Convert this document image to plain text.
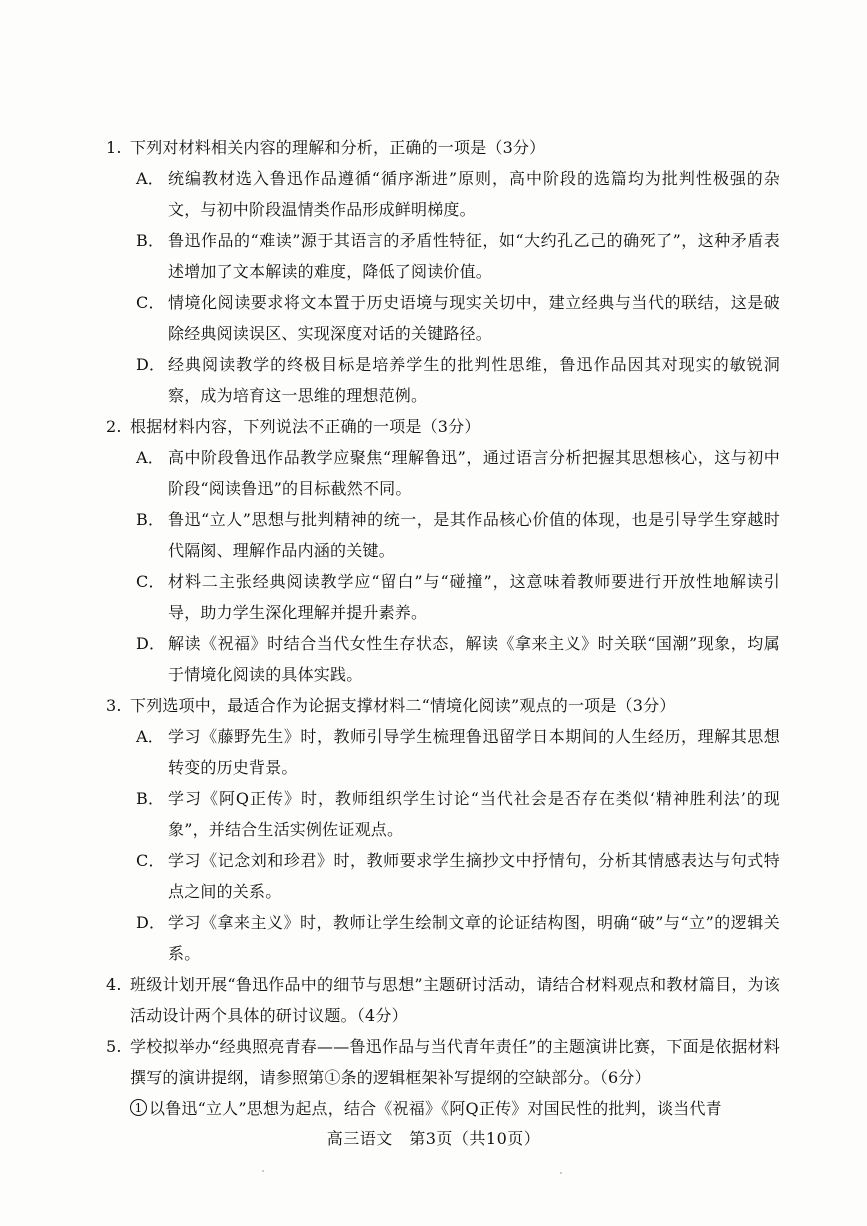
1. 下列对材料相关内容的理解和分析，正确的一项是（3分）
A． 统编教材选入鲁迅作品遵循“循序渐进”原则，高中阶段的选篇均为批判性极强的杂文，与初中阶段温情类作品形成鲜明梯度。
B． 鲁迅作品的“难读”源于其语言的矛盾性特征，如“大约孔乙己的确死了”，这种矛盾表述增加了文本解读的难度，降低了阅读价值。
C． 情境化阅读要求将文本置于历史语境与现实关切中，建立经典与当代的联结，这是破除经典阅读误区、实现深度对话的关键路径。
D． 经典阅读教学的终极目标是培养学生的批判性思维，鲁迅作品因其对现实的敏锐洞察，成为培育这一思维的理想范例。
2. 根据材料内容，下列说法不正确的一项是（3分）
A． 高中阶段鲁迅作品教学应聚焦“理解鲁迅”，通过语言分析把握其思想核心，这与初中阶段“阅读鲁迅”的目标截然不同。
B． 鲁迅“立人”思想与批判精神的统一，是其作品核心价值的体现，也是引导学生穿越时代隔阂、理解作品内涵的关键。
C． 材料二主张经典阅读教学应“留白”与“碰撞”，这意味着教师要进行开放性地解读引导，助力学生深化理解并提升素养。
D． 解读《祝福》时结合当代女性生存状态，解读《拿来主义》时关联“国潮”现象，均属于情境化阅读的具体实践。
3. 下列选项中，最适合作为论据支撑材料二“情境化阅读”观点的一项是（3分）
A． 学习《藤野先生》时，教师引导学生梳理鲁迅留学日本期间的人生经历，理解其思想转变的历史背景。
B． 学习《阿Q正传》时，教师组织学生讨论“当代社会是否存在类似‘精神胜利法’的现象”，并结合生活实例佐证观点。
C． 学习《记念刘和珍君》时，教师要求学生摘抄文中抒情句，分析其情感表达与句式特点之间的关系。
D． 学习《拿来主义》时，教师让学生绘制文章的论证结构图，明确“破”与“立”的逻辑关系。
4. 班级计划开展“鲁迅作品中的细节与思想”主题研讨活动，请结合材料观点和教材篇目，为该活动设计两个具体的研讨议题。（4分）
5. 学校拟举办“经典照亮青春——鲁迅作品与当代青年责任”的主题演讲比赛，下面是依据材料撰写的演讲提纲，请参照第①条的逻辑框架补写提纲的空缺部分。（6分）
1 以鲁迅“立人”思想为起点，结合《祝福》《阿Q正传》对国民性的批判，谈当代青
高三语文　第3页（共10页）
